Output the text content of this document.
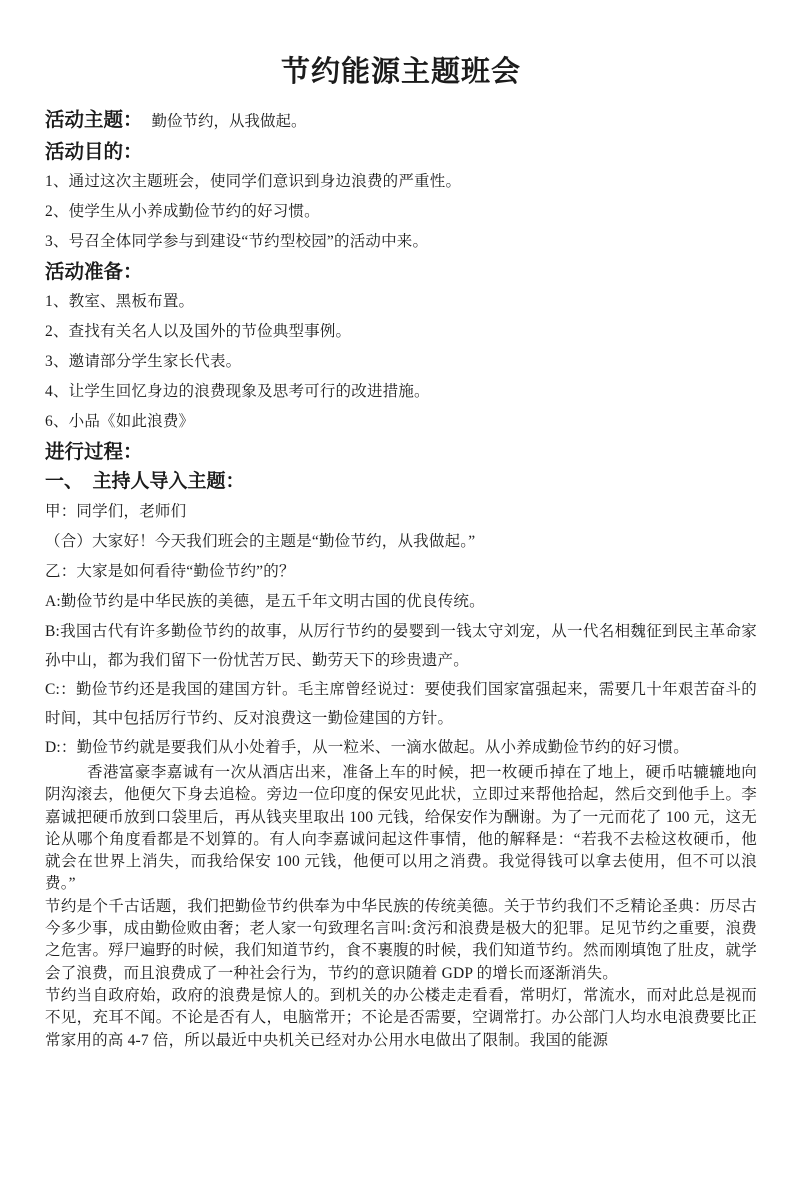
节约能源主题班会

活动主题： 勤俭节约，从我做起。

活动目的：

1、通过这次主题班会，使同学们意识到身边浪费的严重性。

2、使学生从小养成勤俭节约的好习惯。

3、号召全体同学参与到建设“节约型校园”的活动中来。

活动准备：

1、教室、黑板布置。

2、查找有关名人以及国外的节俭典型事例。

3、邀请部分学生家长代表。

4、让学生回忆身边的浪费现象及思考可行的改进措施。

6、小品《如此浪费》

进行过程：

一、　主持人导入主题：

甲：同学们，老师们

（合）大家好！今天我们班会的主题是“勤俭节约，从我做起。”

乙：大家是如何看待“勤俭节约”的？

A:勤俭节约是中华民族的美德，是五千年文明古国的优良传统。

B:我国古代有许多勤俭节约的故事，从厉行节约的晏婴到一钱太守刘宠，从一代名相魏征到民主革命家孙中山，都为我们留下一份忧苦万民、勤劳天下的珍贵遗产。

C:：勤俭节约还是我国的建国方针。毛主席曾经说过：要使我们国家富强起来，需要几十年艰苦奋斗的时间，其中包括厉行节约、反对浪费这一勤俭建国的方针。

D:：勤俭节约就是要我们从小处着手，从一粒米、一滴水做起。从小养成勤俭节约的好习惯。

香港富豪李嘉诚有一次从酒店出来，准备上车的时候，把一枚硬币掉在了地上，硬币咕辘辘地向阴沟滚去，他便欠下身去追检。旁边一位印度的保安见此状，立即过来帮他拾起，然后交到他手上。李嘉诚把硬币放到口袋里后，再从钱夹里取出 100 元钱，给保安作为酬谢。为了一元而花了 100 元，这无论从哪个角度看都是不划算的。有人向李嘉诚问起这件事情，他的解释是：“若我不去检这枚硬币，他就会在世界上消失，而我给保安 100 元钱，他便可以用之消费。我觉得钱可以拿去使用，但不可以浪费。”

节约是个千古话题，我们把勤俭节约供奉为中华民族的传统美德。关于节约我们不乏精论圣典：历尽古今多少事，成由勤俭败由奢；老人家一句致理名言叫:贪污和浪费是极大的犯罪。足见节约之重要，浪费之危害。殍尸遍野的时候，我们知道节约，食不裹腹的时候，我们知道节约。然而刚填饱了肚皮，就学会了浪费，而且浪费成了一种社会行为，节约的意识随着 GDP 的增长而逐渐消失。

节约当自政府始，政府的浪费是惊人的。到机关的办公楼走走看看，常明灯，常流水，而对此总是视而不见，充耳不闻。不论是否有人，电脑常开；不论是否需要，空调常打。办公部门人均水电浪费要比正常家用的高 4-7 倍，所以最近中央机关已经对办公用水电做出了限制。我国的能源
